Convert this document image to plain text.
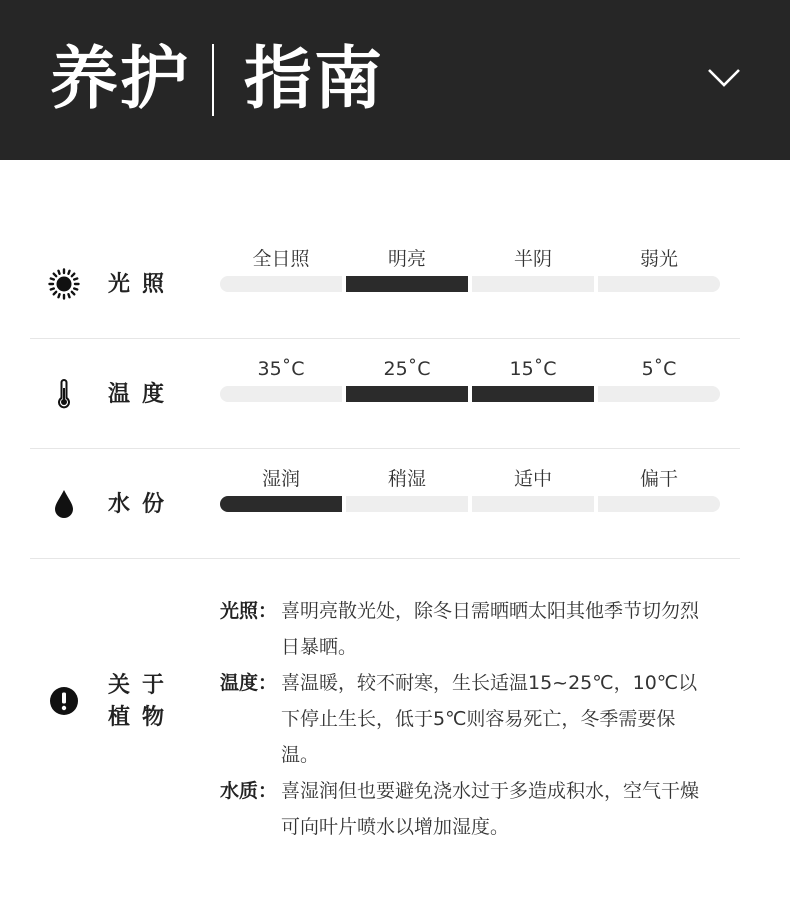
养护 指南
光照
全日照	明亮	半阴	弱光
温度
35˚C	25˚C	15˚C	5˚C
水份
湿润	稍湿	适中	偏干
关于
植物
光照： 喜明亮散光处，除冬日需晒晒太阳其他季节切勿烈日暴晒。
温度： 喜温暖，较不耐寒，生长适温15~25℃，10℃以下停止生长，低于5℃则容易死亡，冬季需要保温。
水质： 喜湿润但也要避免浇水过于多造成积水，空气干燥可向叶片喷水以增加湿度。
